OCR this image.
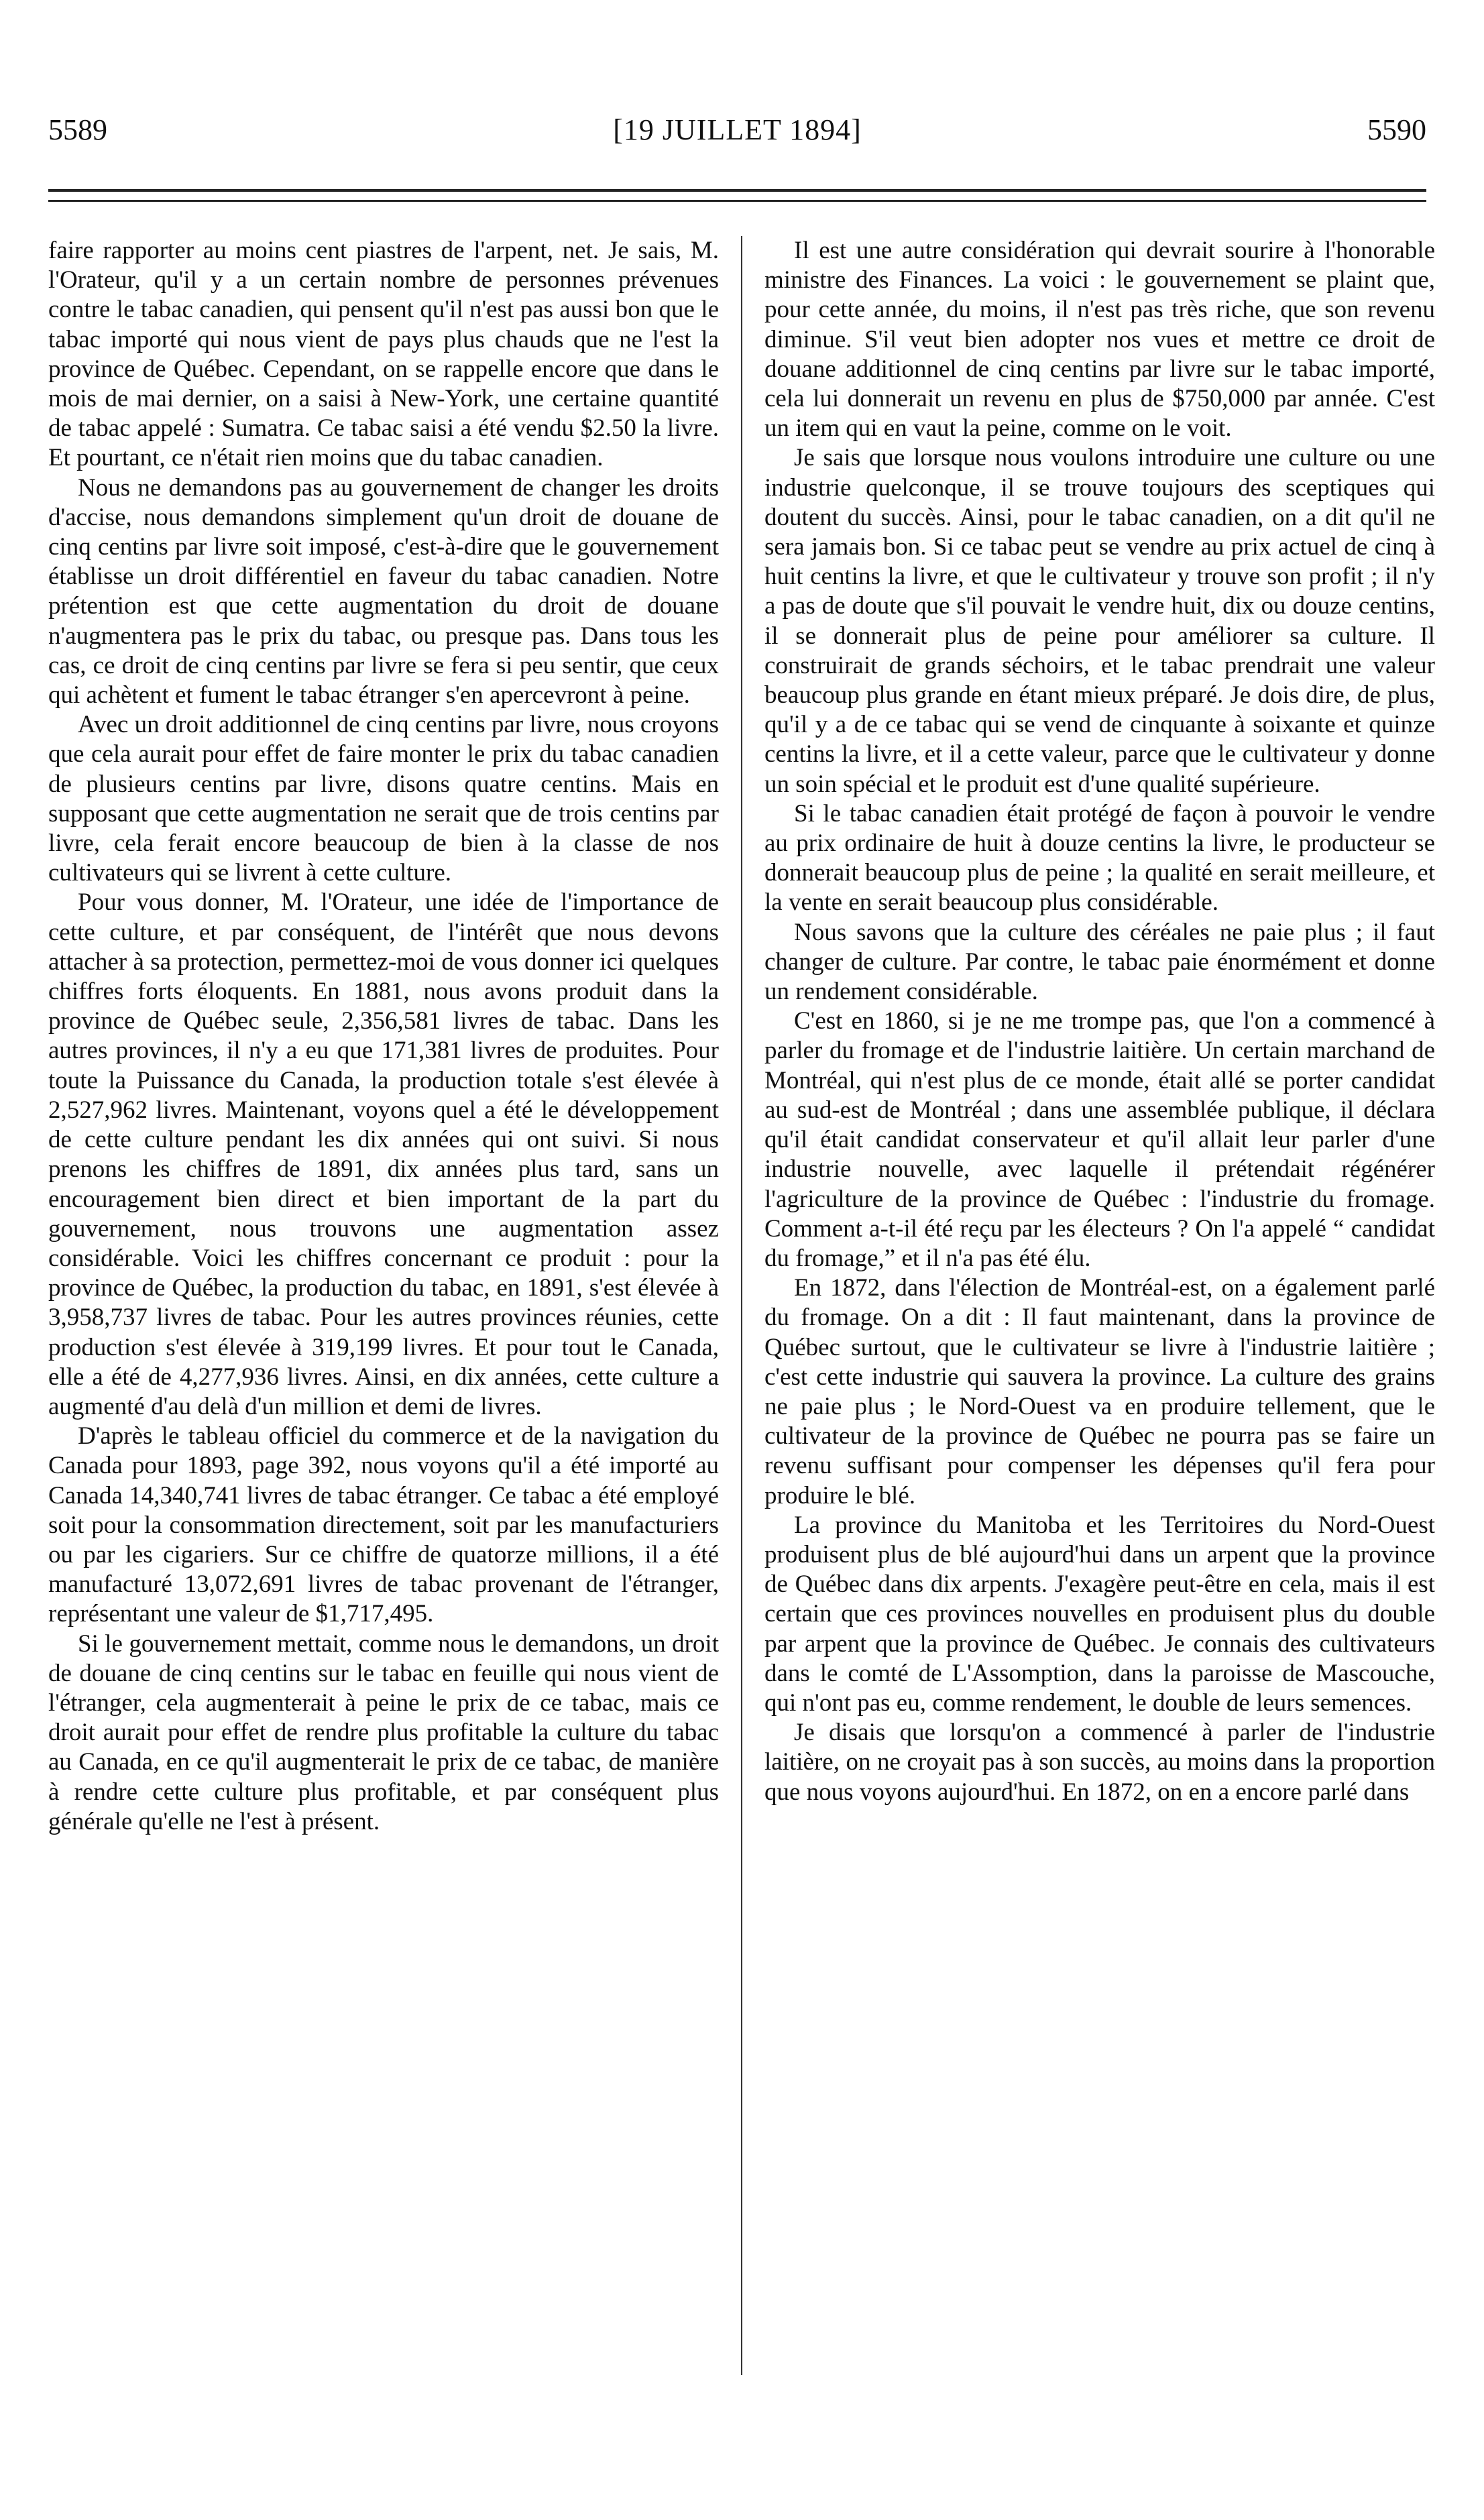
5589	[19 JUILLET 1894]	5590

faire rapporter au moins cent piastres de l'arpent, net. Je sais, M. l'Orateur, qu'il y a un certain nombre de personnes prévenues contre le tabac canadien, qui pensent qu'il n'est pas aussi bon que le tabac importé qui nous vient de pays plus chauds que ne l'est la province de Québec. Cependant, on se rappelle encore que dans le mois de mai dernier, on a saisi à New-York, une certaine quantité de tabac appelé : Sumatra. Ce tabac saisi a été vendu $2.50 la livre. Et pourtant, ce n'était rien moins que du tabac canadien.

Nous ne demandons pas au gouvernement de changer les droits d'accise, nous demandons simplement qu'un droit de douane de cinq centins par livre soit imposé, c'est-à-dire que le gouvernement établisse un droit différentiel en faveur du tabac canadien. Notre prétention est que cette augmentation du droit de douane n'augmentera pas le prix du tabac, ou presque pas. Dans tous les cas, ce droit de cinq centins par livre se fera si peu sentir, que ceux qui achètent et fument le tabac étranger s'en apercevront à peine.

Avec un droit additionnel de cinq centins par livre, nous croyons que cela aurait pour effet de faire monter le prix du tabac canadien de plusieurs centins par livre, disons quatre centins. Mais en supposant que cette augmentation ne serait que de trois centins par livre, cela ferait encore beaucoup de bien à la classe de nos cultivateurs qui se livrent à cette culture.

Pour vous donner, M. l'Orateur, une idée de l'importance de cette culture, et par conséquent, de l'intérêt que nous devons attacher à sa protection, permettez-moi de vous donner ici quelques chiffres forts éloquents. En 1881, nous avons produit dans la province de Québec seule, 2,356,581 livres de tabac. Dans les autres provinces, il n'y a eu que 171,381 livres de produites. Pour toute la Puissance du Canada, la production totale s'est élevée à 2,527,962 livres. Maintenant, voyons quel a été le développement de cette culture pendant les dix années qui ont suivi. Si nous prenons les chiffres de 1891, dix années plus tard, sans un encouragement bien direct et bien important de la part du gouvernement, nous trouvons une augmentation assez considérable. Voici les chiffres concernant ce produit : pour la province de Québec, la production du tabac, en 1891, s'est élevée à 3,958,737 livres de tabac. Pour les autres provinces réunies, cette production s'est élevée à 319,199 livres. Et pour tout le Canada, elle a été de 4,277,936 livres. Ainsi, en dix années, cette culture a augmenté d'au delà d'un million et demi de livres.

D'après le tableau officiel du commerce et de la navigation du Canada pour 1893, page 392, nous voyons qu'il a été importé au Canada 14,340,741 livres de tabac étranger. Ce tabac a été employé soit pour la consommation directement, soit par les manufacturiers ou par les cigariers. Sur ce chiffre de quatorze millions, il a été manufacturé 13,072,691 livres de tabac provenant de l'étranger, représentant une valeur de $1,717,495.

Si le gouvernement mettait, comme nous le demandons, un droit de douane de cinq centins sur le tabac en feuille qui nous vient de l'étranger, cela augmenterait à peine le prix de ce tabac, mais ce droit aurait pour effet de rendre plus profitable la culture du tabac au Canada, en ce qu'il augmenterait le prix de ce tabac, de manière à rendre cette culture plus profitable, et par conséquent plus générale qu'elle ne l'est à présent.

Il est une autre considération qui devrait sourire à l'honorable ministre des Finances. La voici : le gouvernement se plaint que, pour cette année, du moins, il n'est pas très riche, que son revenu diminue. S'il veut bien adopter nos vues et mettre ce droit de douane additionnel de cinq centins par livre sur le tabac importé, cela lui donnerait un revenu en plus de $750,000 par année. C'est un item qui en vaut la peine, comme on le voit.

Je sais que lorsque nous voulons introduire une culture ou une industrie quelconque, il se trouve toujours des sceptiques qui doutent du succès. Ainsi, pour le tabac canadien, on a dit qu'il ne sera jamais bon. Si ce tabac peut se vendre au prix actuel de cinq à huit centins la livre, et que le cultivateur y trouve son profit ; il n'y a pas de doute que s'il pouvait le vendre huit, dix ou douze centins, il se donnerait plus de peine pour améliorer sa culture. Il construirait de grands séchoirs, et le tabac prendrait une valeur beaucoup plus grande en étant mieux préparé. Je dois dire, de plus, qu'il y a de ce tabac qui se vend de cinquante à soixante et quinze centins la livre, et il a cette valeur, parce que le cultivateur y donne un soin spécial et le produit est d'une qualité supérieure.

Si le tabac canadien était protégé de façon à pouvoir le vendre au prix ordinaire de huit à douze centins la livre, le producteur se donnerait beaucoup plus de peine ; la qualité en serait meilleure, et la vente en serait beaucoup plus considérable.

Nous savons que la culture des céréales ne paie plus ; il faut changer de culture. Par contre, le tabac paie énormément et donne un rendement considérable.

C'est en 1860, si je ne me trompe pas, que l'on a commencé à parler du fromage et de l'industrie laitière. Un certain marchand de Montréal, qui n'est plus de ce monde, était allé se porter candidat au sud-est de Montréal ; dans une assemblée publique, il déclara qu'il était candidat conservateur et qu'il allait leur parler d'une industrie nouvelle, avec laquelle il prétendait régénérer l'agriculture de la province de Québec : l'industrie du fromage. Comment a-t-il été reçu par les électeurs ? On l'a appelé “ candidat du fromage,” et il n'a pas été élu.

En 1872, dans l'élection de Montréal-est, on a également parlé du fromage. On a dit : Il faut maintenant, dans la province de Québec surtout, que le cultivateur se livre à l'industrie laitière ; c'est cette industrie qui sauvera la province. La culture des grains ne paie plus ; le Nord-Ouest va en produire tellement, que le cultivateur de la province de Québec ne pourra pas se faire un revenu suffisant pour compenser les dépenses qu'il fera pour produire le blé.

La province du Manitoba et les Territoires du Nord-Ouest produisent plus de blé aujourd'hui dans un arpent que la province de Québec dans dix arpents. J'exagère peut-être en cela, mais il est certain que ces provinces nouvelles en produisent plus du double par arpent que la province de Québec. Je connais des cultivateurs dans le comté de L'Assomption, dans la paroisse de Mascouche, qui n'ont pas eu, comme rendement, le double de leurs semences.

Je disais que lorsqu'on a commencé à parler de l'industrie laitière, on ne croyait pas à son succès, au moins dans la proportion que nous voyons aujourd'hui. En 1872, on en a encore parlé dans
